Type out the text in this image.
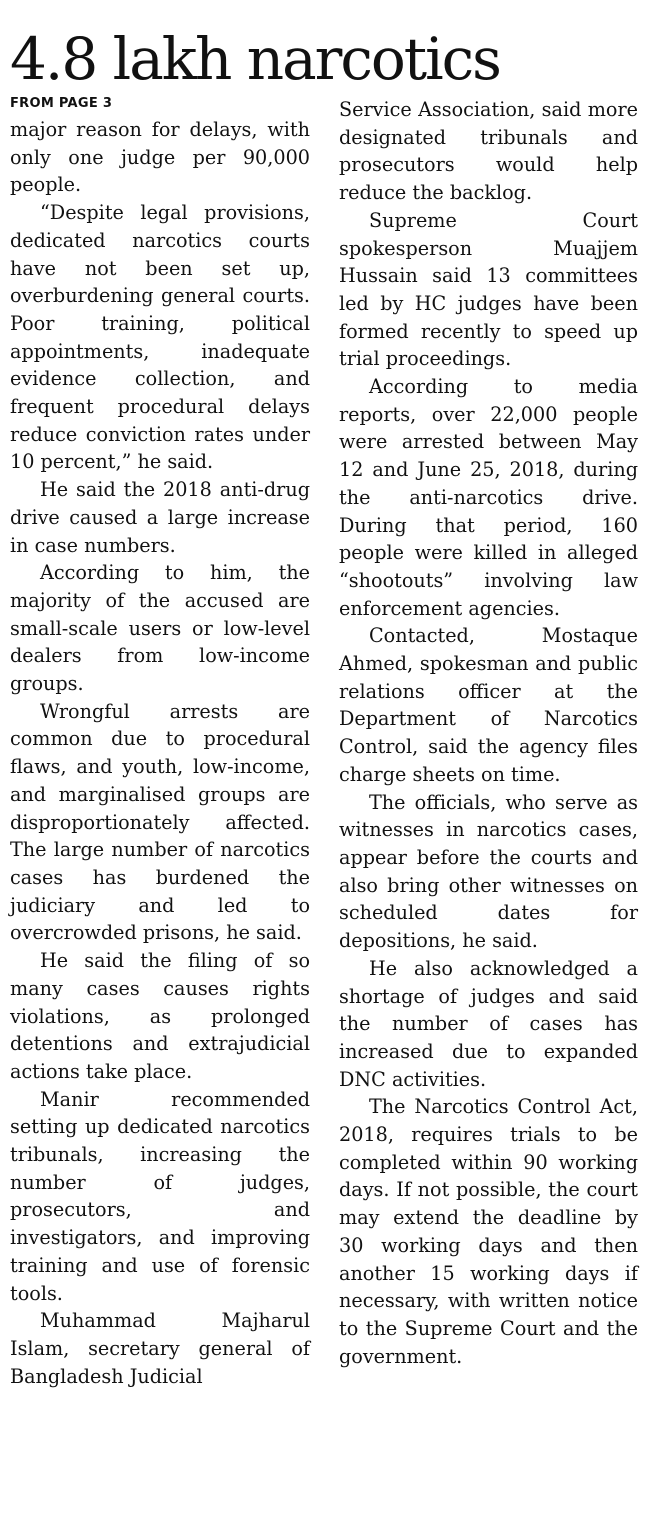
4.8 lakh narcotics
FROM PAGE 3

major reason for delays, with only one judge per 90,000 people.

“Despite legal provisions, dedicated narcotics courts have not been set up, overburdening general courts. Poor training, political appointments, inadequate evidence collection, and frequent procedural delays reduce conviction rates under 10 percent,” he said.

He said the 2018 anti-drug drive caused a large increase in case numbers.

According to him, the majority of the accused are small-scale users or low-level dealers from low-income groups.

Wrongful arrests are common due to procedural flaws, and youth, low-income, and marginalised groups are disproportionately affected. The large number of narcotics cases has burdened the judiciary and led to overcrowded prisons, he said.

He said the filing of so many cases causes rights violations, as prolonged detentions and extrajudicial actions take place.

Manir recommended setting up dedicated narcotics tribunals, increasing the number of judges, prosecutors, and investigators, and improving training and use of forensic tools.

Muhammad Majharul Islam, secretary general of Bangladesh Judicial

Service Association, said more designated tribunals and prosecutors would help reduce the backlog.

Supreme Court spokesperson Muajjem Hussain said 13 committees led by HC judges have been formed recently to speed up trial proceedings.

According to media reports, over 22,000 people were arrested between May 12 and June 25, 2018, during the anti-narcotics drive. During that period, 160 people were killed in alleged “shootouts” involving law enforcement agencies.

Contacted, Mostaque Ahmed, spokesman and public relations officer at the Department of Narcotics Control, said the agency files charge sheets on time.

The officials, who serve as witnesses in narcotics cases, appear before the courts and also bring other witnesses on scheduled dates for depositions, he said.

He also acknowledged a shortage of judges and said the number of cases has increased due to expanded DNC activities.

The Narcotics Control Act, 2018, requires trials to be completed within 90 working days. If not possible, the court may extend the deadline by 30 working days and then another 15 working days if necessary, with written notice to the Supreme Court and the government.
